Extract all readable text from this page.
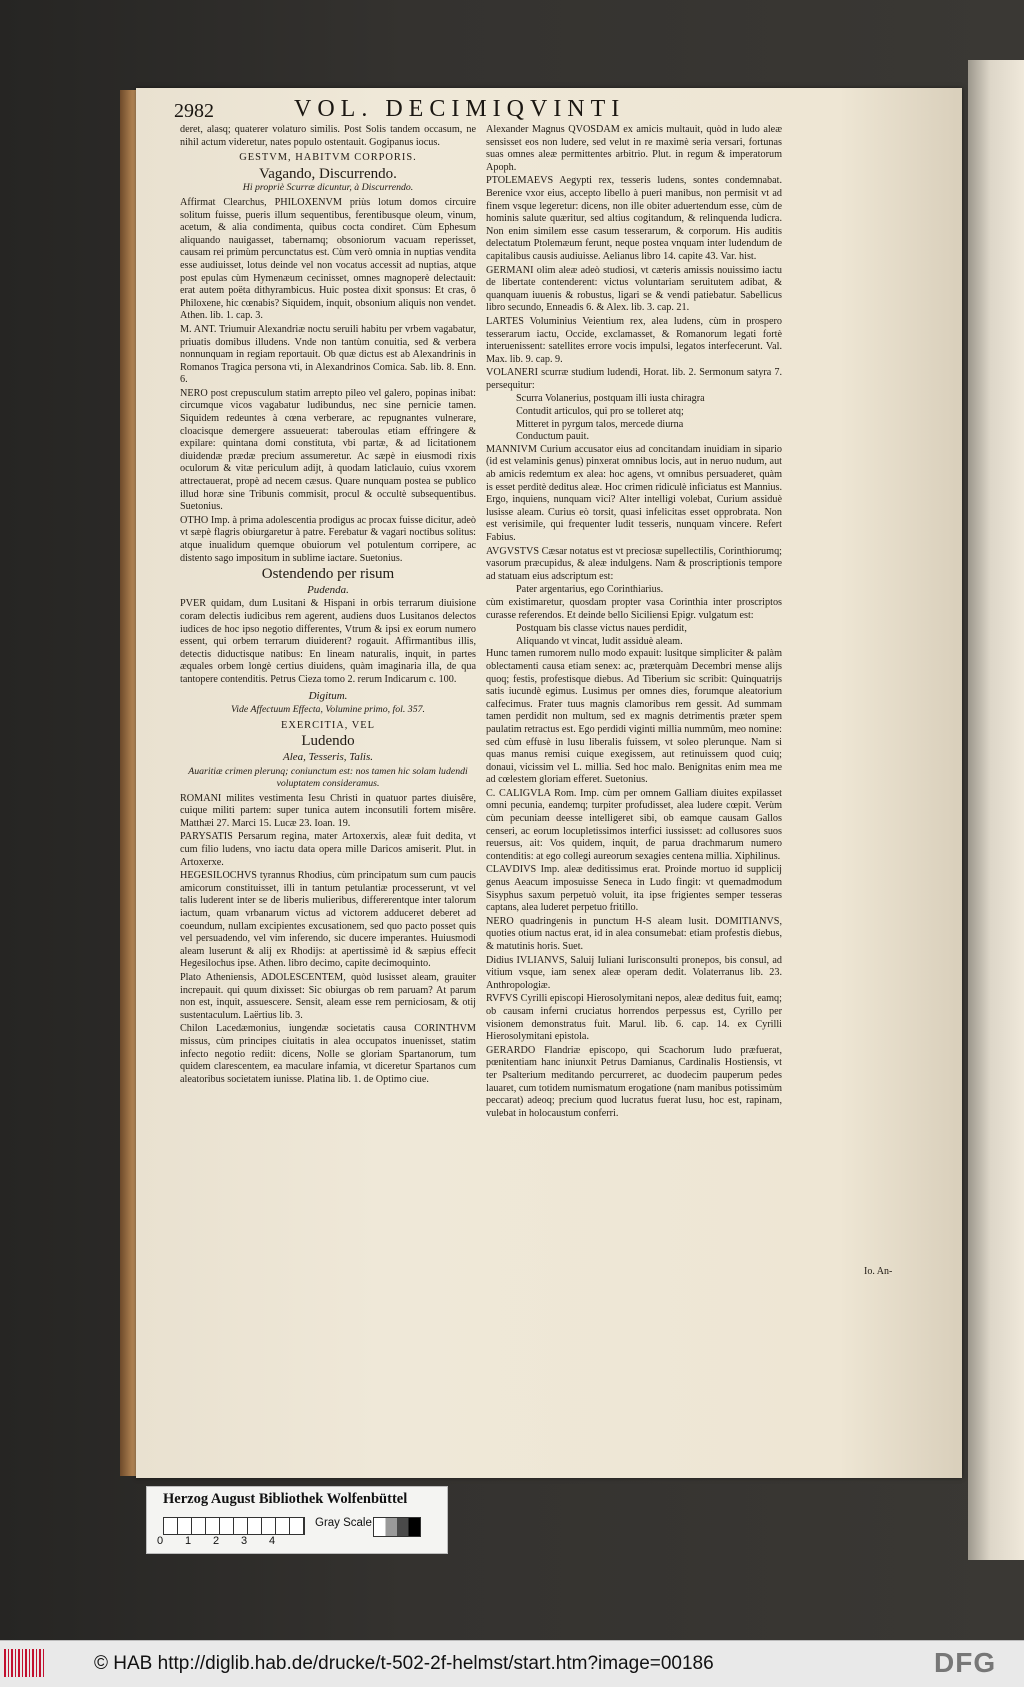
2982	VOL. DECIMIQVINTI

deret, alasq; quaterer volaturo similis. Post Solis tandem occasum, ne nihil actum videretur, nates populo ostentauit. Gogipanus iocus.

GESTVM, HABITVM CORPORIS.
Vagando, Discurrendo.
Hi propriè Scurræ dicuntur, à Discurrendo.

Affirmat Clearchus, PHILOXENVM priùs lotum domos circuire solitum fuisse, pueris illum sequentibus, ferentibusque oleum, vinum, acetum, & alia condimenta, quibus cocta condiret. Cùm Ephesum aliquando nauigasset, tabernamq; obsoniorum vacuam reperisset, causam rei primùm percunctatus est. Cùm verò omnia in nuptias vendita esse audiuisset, lotus deinde vel non vocatus accessit ad nuptias, atque post epulas cùm Hymenæum cecinisset, omnes magnoperè delectauit: erat autem poëta dithyrambicus. Huic postea dixit sponsus: Et cras, ô Philoxene, hic cœnabis? Siquidem, inquit, obsonium aliquis non vendet. Athen. lib. 1. cap. 3.

M. ANT. Triumuir Alexandriæ noctu seruili habitu per vrbem vagabatur, priuatis domibus illudens. Vnde non tantùm conuitia, sed & verbera nonnunquam in regiam reportauit. Ob quæ dictus est ab Alexandrinis in Romanos Tragica persona vti, in Alexandrinos Comica. Sab. lib. 8. Enn. 6.

NERO post crepusculum statim arrepto pileo vel galero, popinas inibat: circumque vicos vagabatur ludibundus, nec sine pernicie tamen. Siquidem redeuntes à cœna verberare, ac repugnantes vulnerare, cloacisque demergere assueuerat: taberoulas etiam effringere & expilare: quintana domi constituta, vbi partæ, & ad licitationem diuidendæ prædæ precium assumeretur. Ac sæpè in eiusmodi rixis oculorum & vitæ periculum adijt, à quodam laticlauio, cuius vxorem attrectauerat, propè ad necem cæsus. Quare nunquam postea se publico illud horæ sine Tribunis commisit, procul & occultè subsequentibus. Suetonius.

OTHO Imp. à prima adolescentia prodigus ac procax fuisse dicitur, adeò vt sæpè flagris obiurgaretur à patre. Ferebatur & vagari noctibus solitus: atque inualidum quemque obuiorum vel potulentum corripere, ac distento sago impositum in sublime iactare. Suetonius.

Ostendendo per risum
Pudenda.

PVER quidam, dum Lusitani & Hispani in orbis terrarum diuisione coram delectis iudicibus rem agerent, audiens duos Lusitanos delectos iudices de hoc ipso negotio differentes, Vtrum & ipsi ex eorum numero essent, qui orbem terrarum diuiderent? rogauit. Affirmantibus illis, detectis diductisque natibus: En lineam naturalis, inquit, in partes æquales orbem longè certius diuidens, quàm imaginaria illa, de qua tantopere contenditis. Petrus Cieza tomo 2. rerum Indicarum c. 100.

Digitum.
Vide Affectuum Effecta, Volumine primo, fol. 357.
EXERCITIA, VEL
Ludendo
Alea, Tesseris, Talis.
Auaritiæ crimen plerunq; coniunctum est: nos tamen hic solam ludendi voluptatem consideramus.

ROMANI milites vestimenta Iesu Christi in quatuor partes diuisêre, cuique militi partem: super tunica autem inconsutili fortem misêre. Matthæi 27. Marci 15. Lucæ 23. Ioan. 19.

PARYSATIS Persarum regina, mater Artoxerxis, aleæ fuit dedita, vt cum filio ludens, vno iactu data opera mille Daricos amiserit. Plut. in Artoxerxe.

HEGESILOCHVS tyrannus Rhodius, cùm principatum sum cum paucis amicorum constituisset, illi in tantum petulantiæ processerunt, vt vel talis luderent inter se de liberis mulieribus, differerentque inter talorum iactum, quam vrbanarum victus ad victorem adduceret deberet ad coeundum, nullam excipientes excusationem, sed quo pacto posset quis vel persuadendo, vel vim inferendo, sic ducere imperantes. Huiusmodi aleam luserunt & alij ex Rhodijs: at apertissimè id & sæpius effecit Hegesilochus ipse. Athen. libro decimo, capite decimoquinto.

Plato Atheniensis, ADOLESCENTEM, quòd lusisset aleam, grauiter increpauit. qui quum dixisset: Sic obiurgas ob rem paruam? At parum non est, inquit, assuescere. Sensit, aleam esse rem perniciosam, & otij sustentaculum. Laërtius lib. 3.

Chilon Lacedæmonius, iungendæ societatis causa CORINTHVM missus, cùm principes ciuitatis in alea occupatos inuenisset, statim infecto negotio rediit: dicens, Nolle se gloriam Spartanorum, tum quidem clarescentem, ea maculare infamia, vt diceretur Spartanos cum aleatoribus societatem iunisse. Platina lib. 1. de Optimo ciue.

Alexander Magnus QVOSDAM ex amicis multauit, quòd in ludo aleæ sensisset eos non ludere, sed velut in re maximè seria versari, fortunas suas omnes aleæ permittentes arbitrio. Plut. in regum & imperatorum Apoph.

PTOLEMAEVS Aegypti rex, tesseris ludens, sontes condemnabat. Berenice vxor eius, accepto libello à pueri manibus, non permisit vt ad finem vsque legeretur: dicens, non ille obiter aduertendum esse, cùm de hominis salute quæritur, sed altius cogitandum, & relinquenda ludicra. Non enim similem esse casum tesserarum, & corporum. His auditis delectatum Ptolemæum ferunt, neque postea vnquam inter ludendum de capitalibus causis audiuisse. Aelianus libro 14. capite 43. Var. hist.

GERMANI olim aleæ adeò studiosi, vt cæteris amissis nouissimo iactu de libertate contenderent: victus voluntariam seruitutem adibat, & quanquam iuuenis & robustus, ligari se & vendi patiebatur. Sabellicus libro secundo, Enneadis 6. & Alex. lib. 3. cap. 21.

LARTES Voluminius Veientium rex, alea ludens, cùm in prospero tesserarum iactu, Occide, exclamasset, & Romanorum legati fortè interuenissent: satellites errore vocis impulsi, legatos interfecerunt. Val. Max. lib. 9. cap. 9.

VOLANERI scurræ studium ludendi, Horat. lib. 2. Sermonum satyra 7. persequitur:

Scurra Volanerius, postquam illi iusta chiragra
Contudit articulos, qui pro se tolleret atq;
Mitteret in pyrgum talos, mercede diurna
Conductum pauit.

MANNIVM Curium accusator eius ad concitandam inuidiam in sipario (id est velaminis genus) pinxerat omnibus locis, aut in neruo nudum, aut ab amicis redemtum ex alea: hoc agens, vt omnibus persuaderet, quàm is esset perditè deditus aleæ. Hoc crimen ridiculè inficiatus est Mannius. Ergo, inquiens, nunquam vici? Alter intelligi volebat, Curium assiduè lusisse aleam. Curius eò torsit, quasi infelicitas esset opprobrata. Non est verisimile, qui frequenter ludit tesseris, nunquam vincere. Refert Fabius.

AVGVSTVS Cæsar notatus est vt preciosæ supellectilis, Corinthiorumq; vasorum præcupidus, & aleæ indulgens. Nam & proscriptionis tempore ad statuam eius adscriptum est:

Pater argentarius, ego Corinthiarius.

cùm existimaretur, quosdam propter vasa Corinthia inter proscriptos curasse referendos. Et deinde bello Siciliensi Epigr. vulgatum est:

Postquam bis classe victus naues perdidit,
Aliquando vt vincat, ludit assiduè aleam.

Hunc tamen rumorem nullo modo expauit: lusitque simpliciter & palàm oblectamenti causa etiam senex: ac, præterquàm Decembri mense alijs quoq; festis, profestisque diebus. Ad Tiberium sic scribit: Quinquatrijs satis iucundè egimus. Lusimus per omnes dies, forumque aleatorium calfecimus. Frater tuus magnis clamoribus rem gessit. Ad summam tamen perdidit non multum, sed ex magnis detrimentis præter spem paulatim retractus est. Ego perdidi viginti millia nummûm, meo nomine: sed cùm effusè in lusu liberalis fuissem, vt soleo plerunque. Nam si quas manus remisi cuique exegissem, aut retinuissem quod cuiq; donaui, vicissim vel L. millia. Sed hoc malo. Benignitas enim mea me ad cœlestem gloriam efferet. Suetonius.

C. CALIGVLA Rom. Imp. cùm per omnem Galliam diuites expilasset omni pecunia, eandemq; turpiter profudisset, alea ludere cœpit. Verùm cùm pecuniam deesse intelligeret sibi, ob eamque causam Gallos censeri, ac eorum locupletissimos interfici iussisset: ad collusores suos reuersus, ait: Vos quidem, inquit, de parua drachmarum numero contenditis: at ego collegi aureorum sexagies centena millia. Xiphilinus.

CLAVDIVS Imp. aleæ deditissimus erat. Proinde mortuo id supplicij genus Aeacum imposuisse Seneca in Ludo fingit: vt quemadmodum Sisyphus saxum perpetuò voluit, ita ipse frigientes semper tesseras captans, alea luderet perpetuo fritillo.

NERO quadringenis in punctum H-S aleam lusit. DOMITIANVS, quoties otium nactus erat, id in alea consumebat: etiam profestis diebus, & matutinis horis. Suet.

Didius IVLIANVS, Saluij Iuliani Iurisconsulti pronepos, bis consul, ad vitium vsque, iam senex aleæ operam dedit. Volaterranus lib. 23. Anthropologiæ.

RVFVS Cyrilli episcopi Hierosolymitani nepos, aleæ deditus fuit, eamq; ob causam inferni cruciatus horrendos perpessus est, Cyrillo per visionem demonstratus fuit. Marul. lib. 6. cap. 14. ex Cyrilli Hierosolymitani epistola.

GERARDO Flandriæ episcopo, qui Scachorum ludo præfuerat, pœnitentiam hanc iniunxit Petrus Damianus, Cardinalis Hostiensis, vt ter Psalterium meditando percurreret, ac duodecim pauperum pedes lauaret, cum totidem numismatum erogatione (nam manibus potissimùm peccarat) adeoq; precium quod lucratus fuerat lusu, hoc est, rapinam, vulebat in holocaustum conferri.

Io. An-
Herzog August Bibliothek Wolfenbüttel
0 1 2 3 4
Gray Scale
© HAB http://diglib.hab.de/drucke/t-502-2f-helmst/start.htm?image=00186	DFG
